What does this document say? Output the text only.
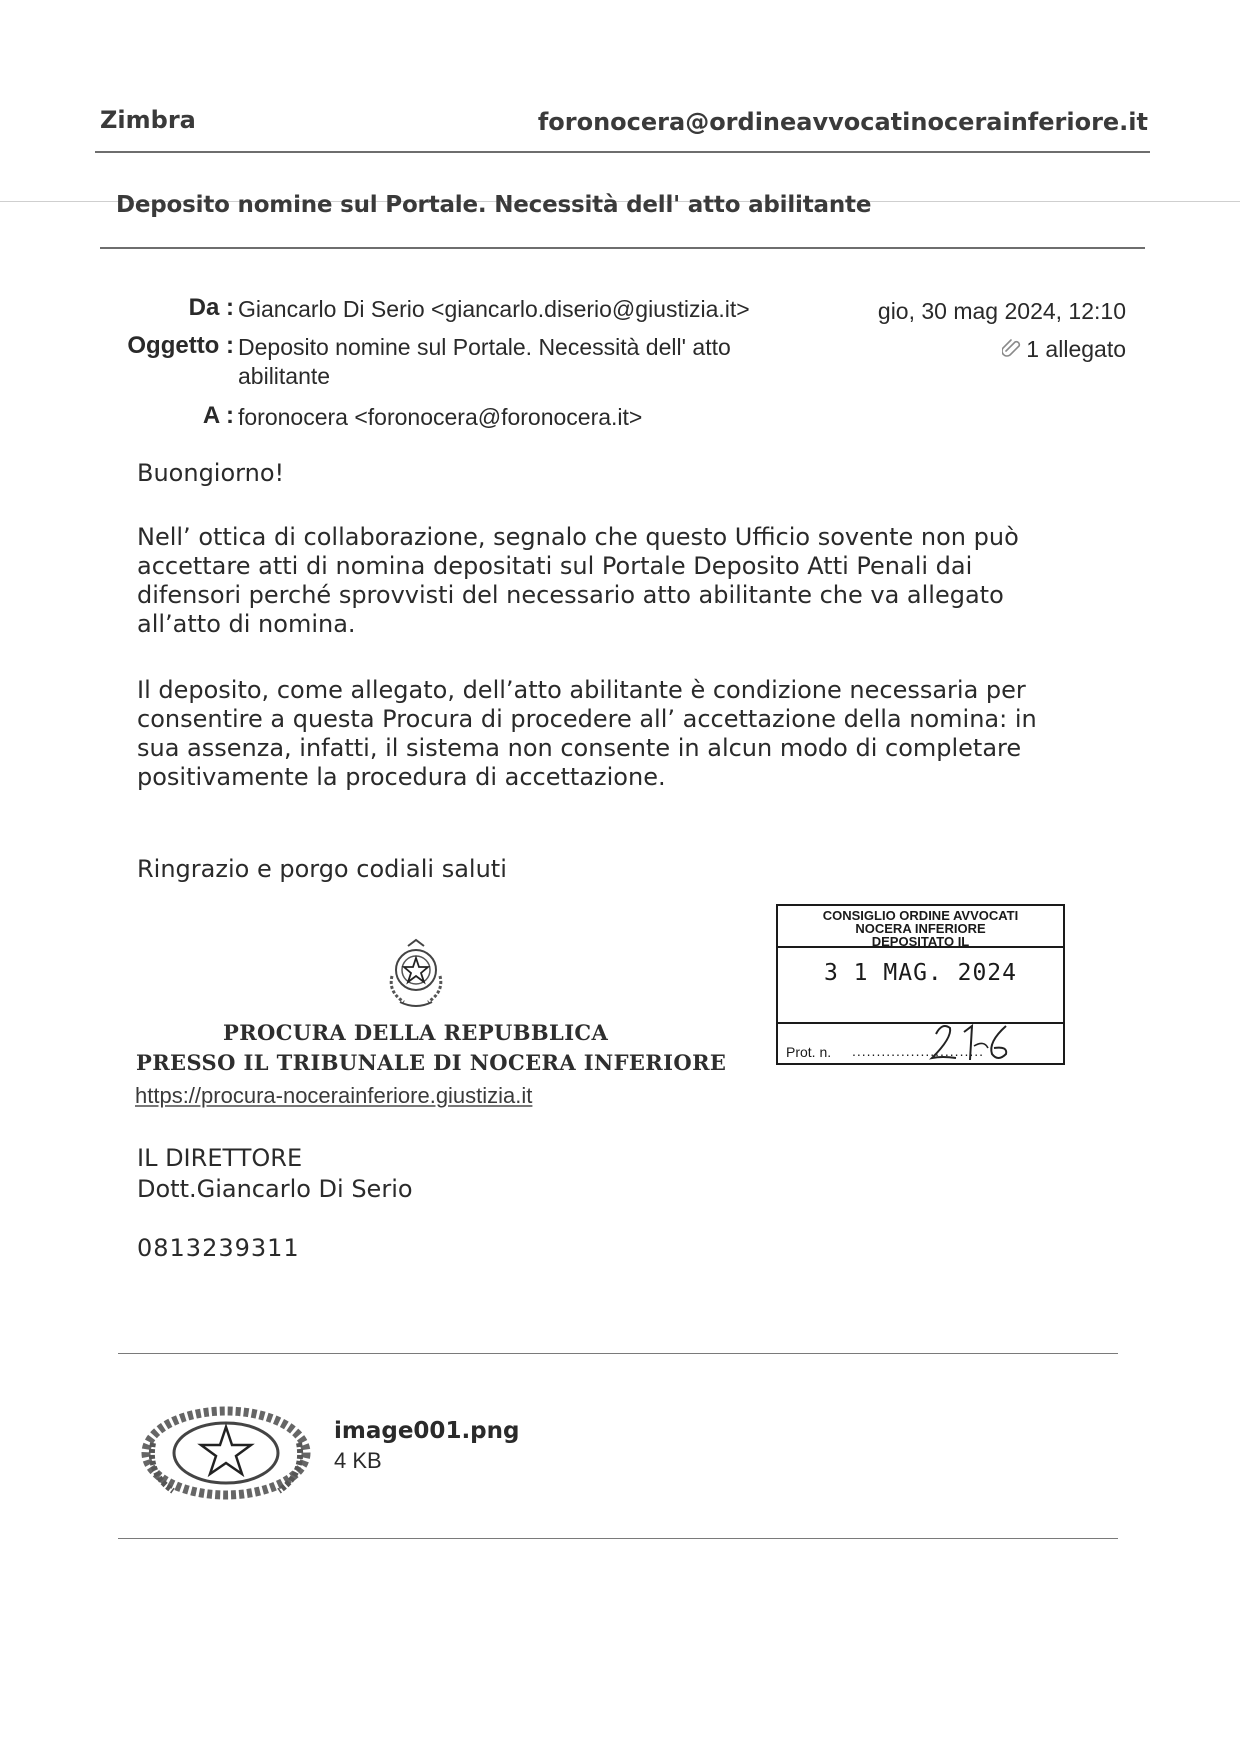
Zimbra	foronocera@ordineavvocatinocerainferiore.it
Deposito nomine sul Portale. Necessità dell' atto abilitante
Da : Giancarlo Di Serio <giancarlo.diserio@giustizia.it>
Oggetto : Deposito nomine sul Portale. Necessità dell' atto
abilitante
A : foronocera <foronocera@foronocera.it>
gio, 30 mag 2024, 12:10
1 allegato
Buongiorno!
Nell’ ottica di collaborazione, segnalo che questo Ufficio sovente non può
accettare atti di nomina depositati sul Portale Deposito Atti Penali dai
difensori perché sprovvisti del necessario atto abilitante che va allegato
all’atto di nomina.
Il deposito, come allegato, dell’atto abilitante è condizione necessaria per
consentire a questa Procura di procedere all’ accettazione della nomina: in
sua assenza, infatti, il sistema non consente in alcun modo di completare
positivamente la procedura di accettazione.
Ringrazio e porgo codiali saluti
PROCURA DELLA REPUBBLICA
PRESSO IL TRIBUNALE DI NOCERA INFERIORE
https://procura-nocerainferiore.giustizia.it
IL DIRETTORE
Dott.Giancarlo Di Serio
0813239311
CONSIGLIO ORDINE AVVOCATI
NOCERA INFERIORE
DEPOSITATO IL
3 1 MAG. 2024
Prot. n. ...........................
image001.png
4 KB
